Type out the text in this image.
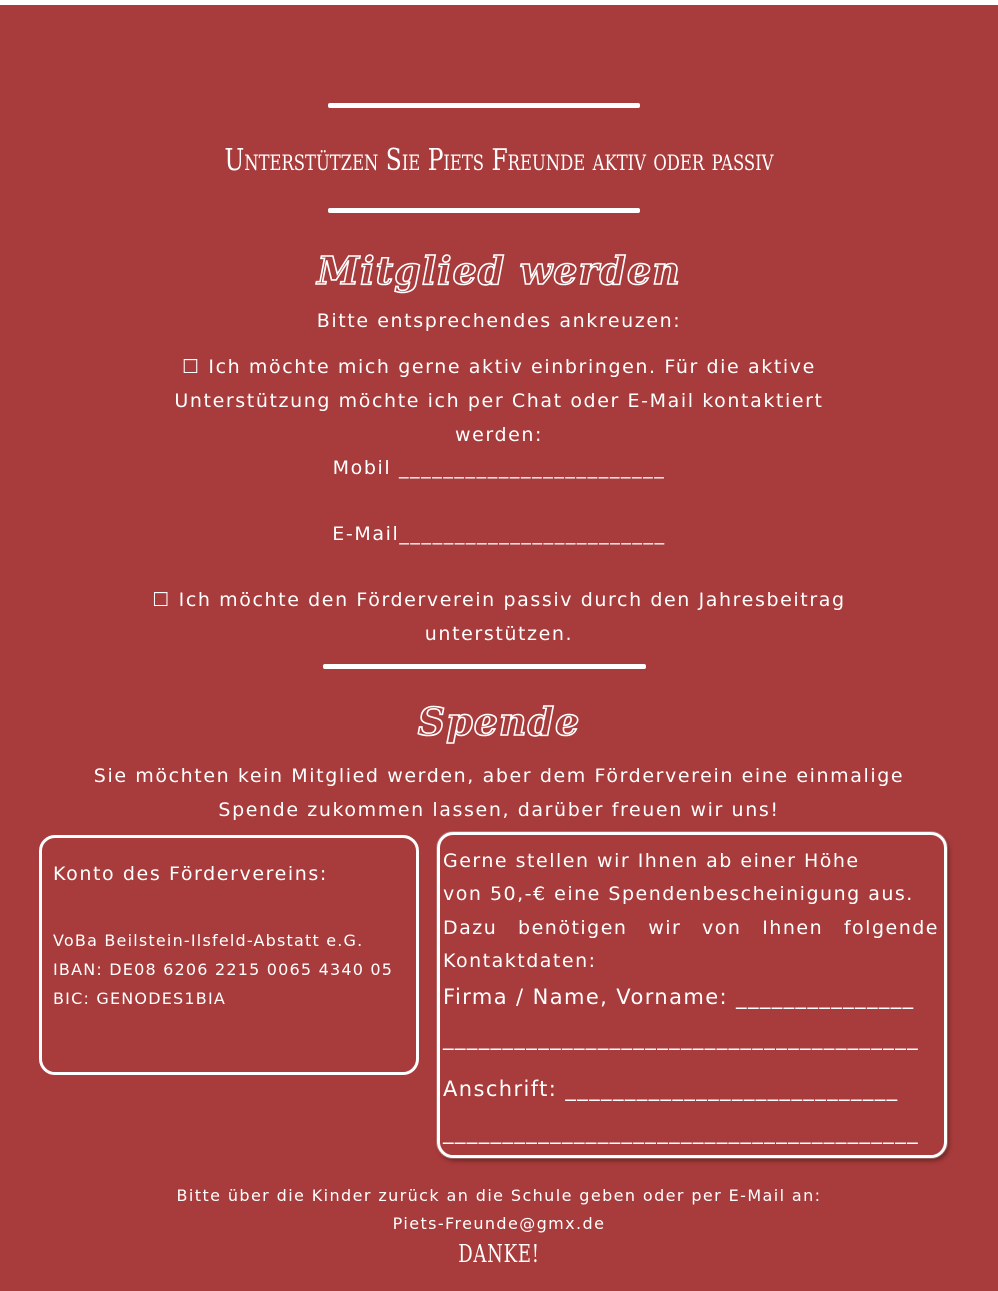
Unterstützen Sie Piets Freunde aktiv oder passiv
Mitglied werden
Bitte entsprechendes ankreuzen:
☐ Ich möchte mich gerne aktiv einbringen. Für die aktive
Unterstützung möchte ich per Chat oder E-Mail kontaktiert
werden:
Mobil ________________________
E-Mail________________________
☐ Ich möchte den Förderverein passiv durch den Jahresbeitrag
unterstützen.
Spende
Sie möchten kein Mitglied werden, aber dem Förderverein eine einmalige
Spende zukommen lassen, darüber freuen wir uns!
Konto des Fördervereins:
VoBa Beilstein-Ilsfeld-Abstatt e.G.
IBAN: DE08 6206 2215 0065 4340 05
BIC: GENODES1BIA
Gerne stellen wir Ihnen ab einer Höhe
von 50,-€ eine Spendenbescheinigung aus.
Dazu benötigen wir von Ihnen folgende
Kontaktdaten:
Firma / Name, Vorname: _______________
________________________________________
Anschrift: ____________________________
________________________________________
Bitte über die Kinder zurück an die Schule geben oder per E-Mail an:
Piets-Freunde@gmx.de
DANKE!
